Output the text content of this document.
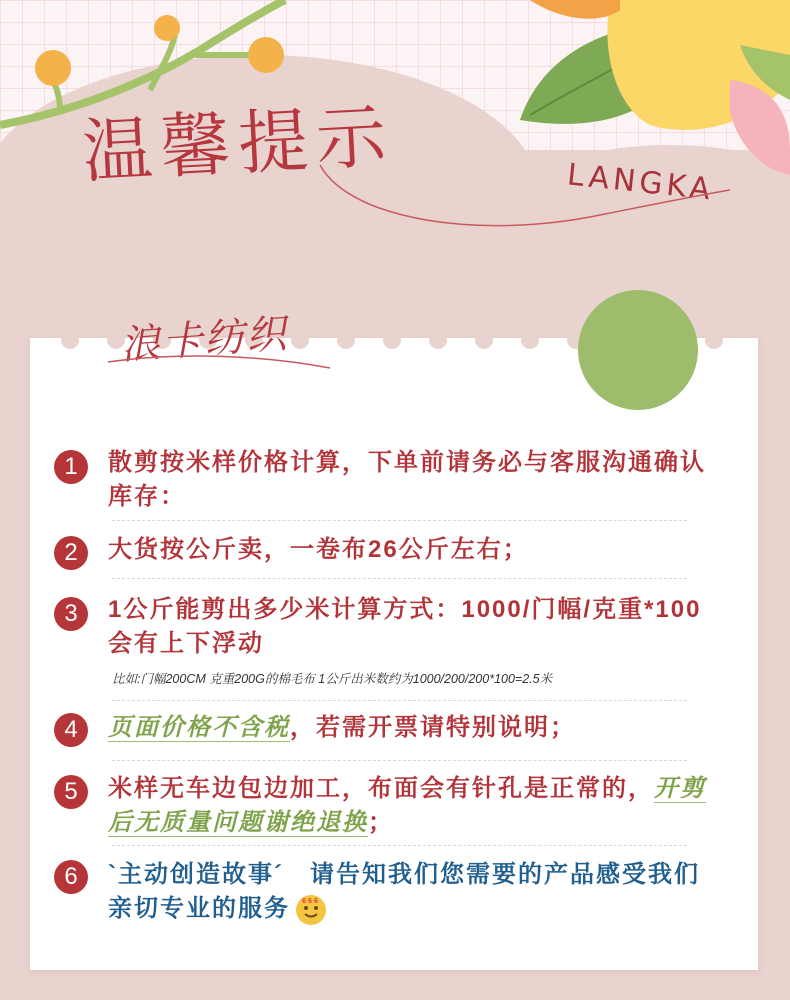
温馨提示	LANGKA
浪卡纺织
1	散剪按米样价格计算，下单前请务必与客服沟通确认库存：
2	大货按公斤卖，一卷布26公斤左右；
3	1公斤能剪出多少米计算方式：1000/门幅/克重*100会有上下浮动
比如:门幅200CM 克重200G的棉毛布 1公斤出米数约为1000/200/200*100=2.5米
4	页面价格不含税，若需开票请特别说明；
5	米样无车边包边加工，布面会有针孔是正常的，开剪后无质量问题谢绝退换；
6	`主动创造故事´ 请告知我们您需要的产品感受我们亲切专业的服务 666
